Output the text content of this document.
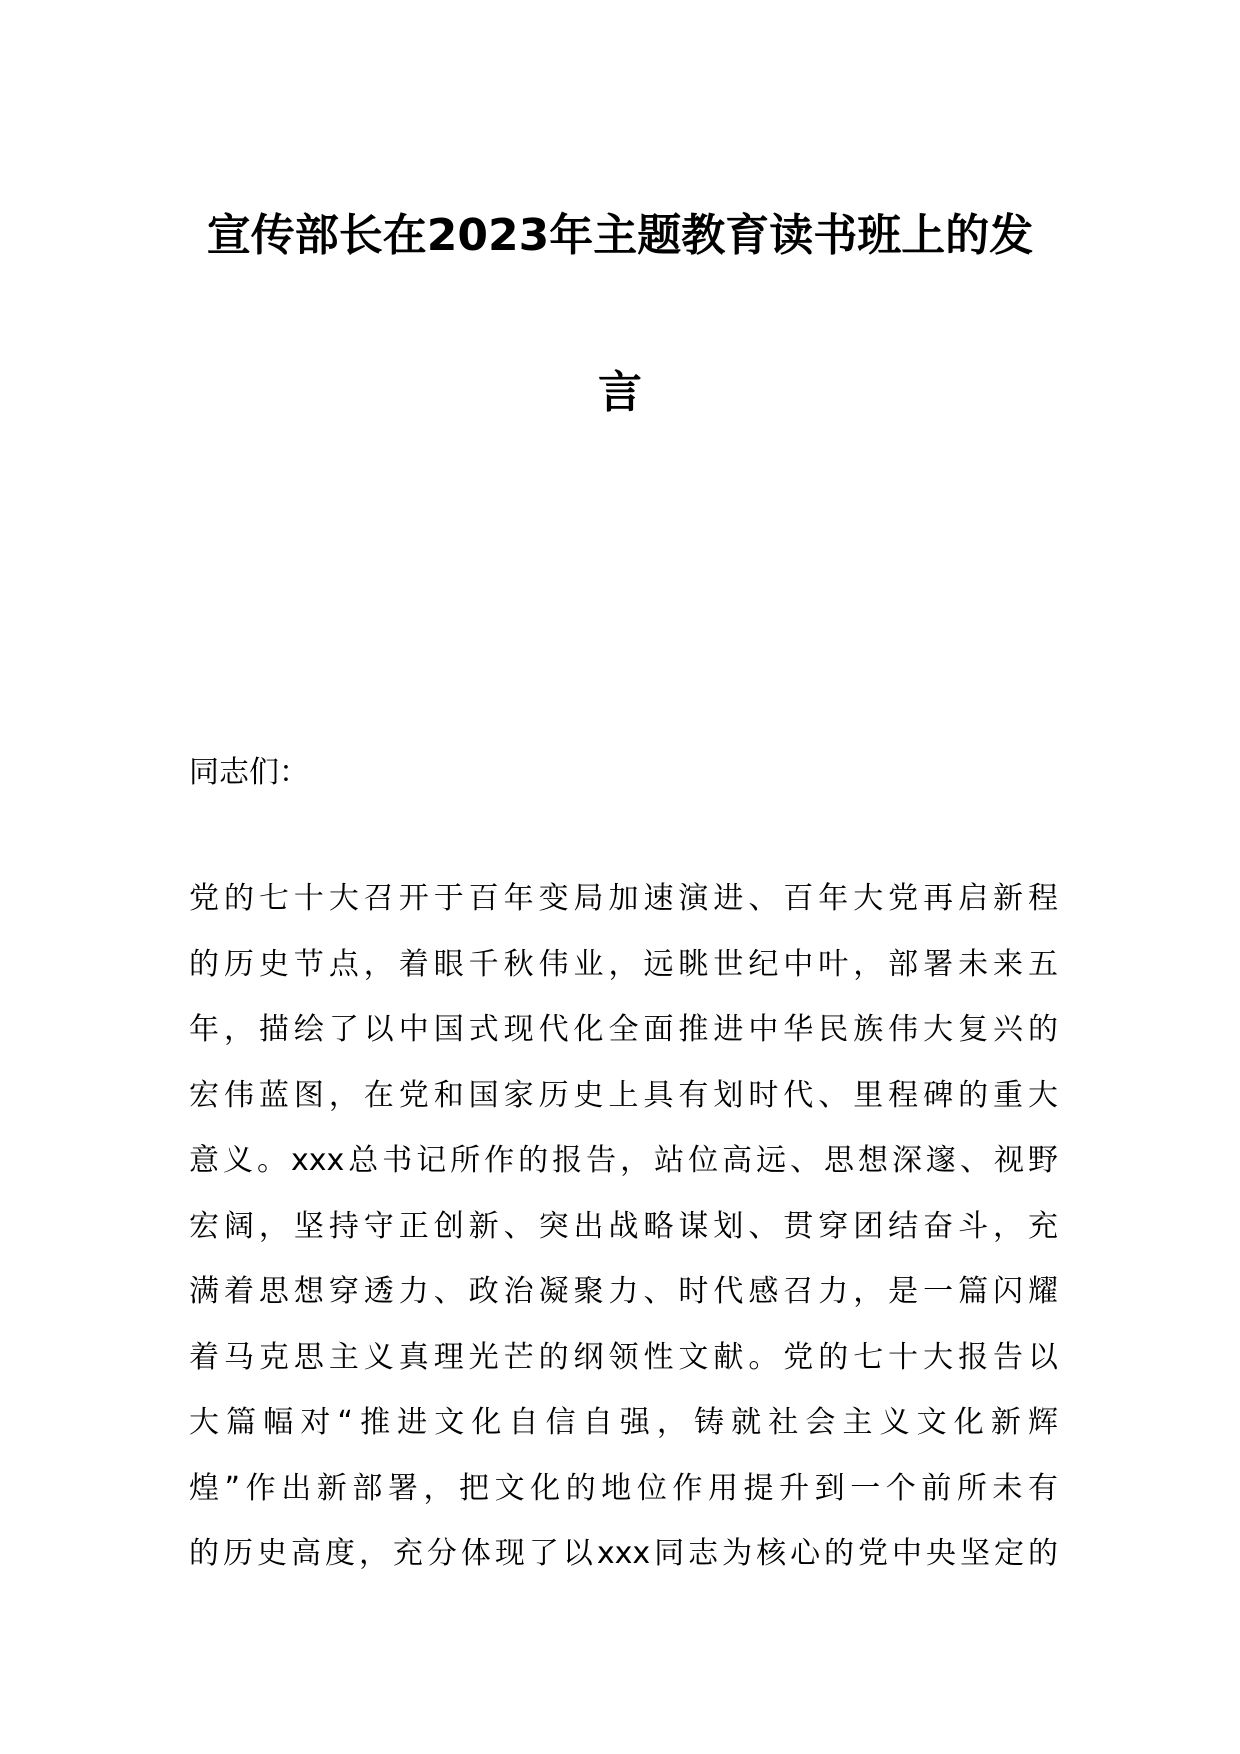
宣传部长在2023年主题教育读书班上的发
言
同志们：
党的七十大召开于百年变局加速演进、百年大党再启新程
的历史节点，着眼千秋伟业，远眺世纪中叶，部署未来五
年，描绘了以中国式现代化全面推进中华民族伟大复兴的
宏伟蓝图，在党和国家历史上具有划时代、里程碑的重大
意义。xxx总书记所作的报告，站位高远、思想深邃、视野
宏阔，坚持守正创新、突出战略谋划、贯穿团结奋斗，充
满着思想穿透力、政治凝聚力、时代感召力，是一篇闪耀
着马克思主义真理光芒的纲领性文献。党的七十大报告以
大篇幅对“推进文化自信自强，铸就社会主义文化新辉
煌”作出新部署，把文化的地位作用提升到一个前所未有
的历史高度，充分体现了以xxx同志为核心的党中央坚定的
